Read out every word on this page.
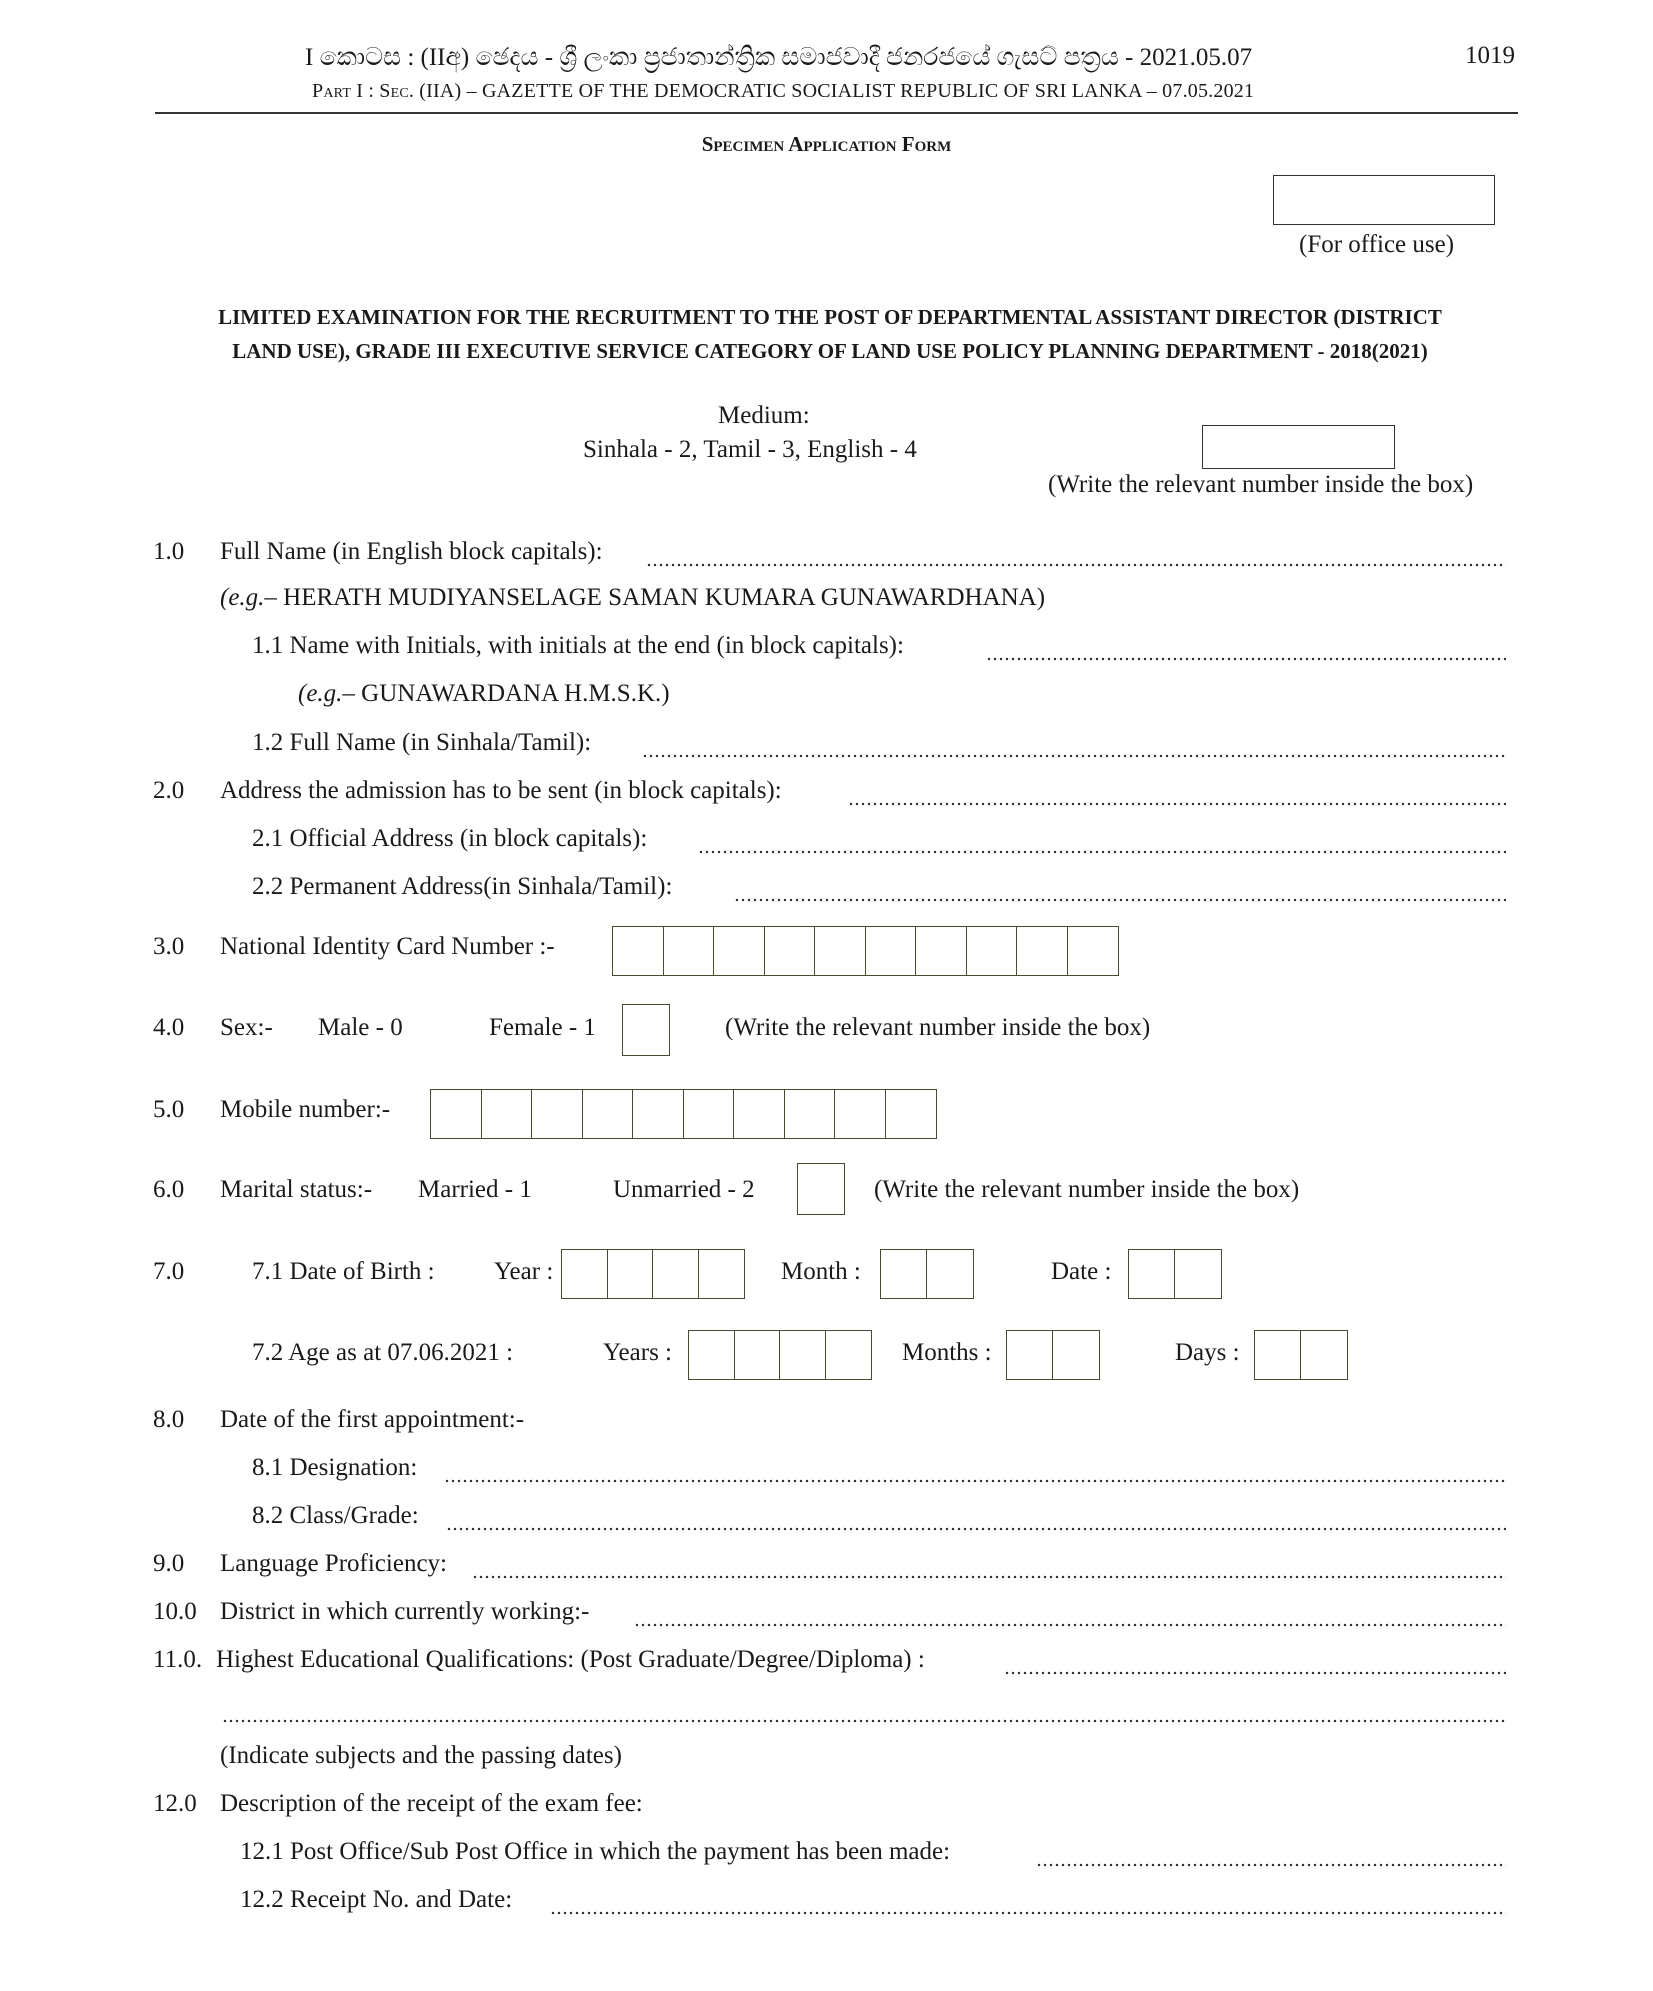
I කොටස : (IIඅ) ඡෙදය - ශ්‍රී ලංකා ප්‍රජාතාන්ත්‍රික සමාජවාදී ජනරජයේ ගැසට් පත්‍රය - 2021.05.07	1019
Part I : Sec. (IIA) – GAZETTE OF THE DEMOCRATIC SOCIALIST REPUBLIC OF SRI LANKA – 07.05.2021
Specimen Application Form
(For office use)
LIMITED EXAMINATION FOR THE RECRUITMENT TO THE POST OF DEPARTMENTAL ASSISTANT DIRECTOR (DISTRICT
LAND USE), GRADE III EXECUTIVE SERVICE CATEGORY OF LAND USE POLICY PLANNING DEPARTMENT - 2018(2021)
Medium:
Sinhala - 2, Tamil - 3, English - 4
(Write the relevant number inside the box)
1.0 Full Name (in English block capitals):
(e.g.– HERATH MUDIYANSELAGE SAMAN KUMARA GUNAWARDHANA)
1.1 Name with Initials, with initials at the end (in block capitals):
(e.g.– GUNAWARDANA H.M.S.K.)
1.2 Full Name (in Sinhala/Tamil):
2.0 Address the admission has to be sent (in block capitals):
2.1 Official Address (in block capitals):
2.2 Permanent Address(in Sinhala/Tamil):
3.0 National Identity Card Number :-
4.0 Sex:- Male - 0	Female - 1	(Write the relevant number inside the box)
5.0 Mobile number:-
6.0 Marital status:- Married - 1	Unmarried - 2	(Write the relevant number inside the box)
7.0	7.1 Date of Birth : Year :	Month :	Date :
7.2 Age as at 07.06.2021 :	Years :	Months :	Days :
8.0 Date of the first appointment:-
8.1 Designation:
8.2 Class/Grade:
9.0 Language Proficiency:
10.0 District in which currently working:-
11.0. Highest Educational Qualifications: (Post Graduate/Degree/Diploma) :
(Indicate subjects and the passing dates)
12.0 Description of the receipt of the exam fee:
12.1 Post Office/Sub Post Office in which the payment has been made:
12.2 Receipt No. and Date:
